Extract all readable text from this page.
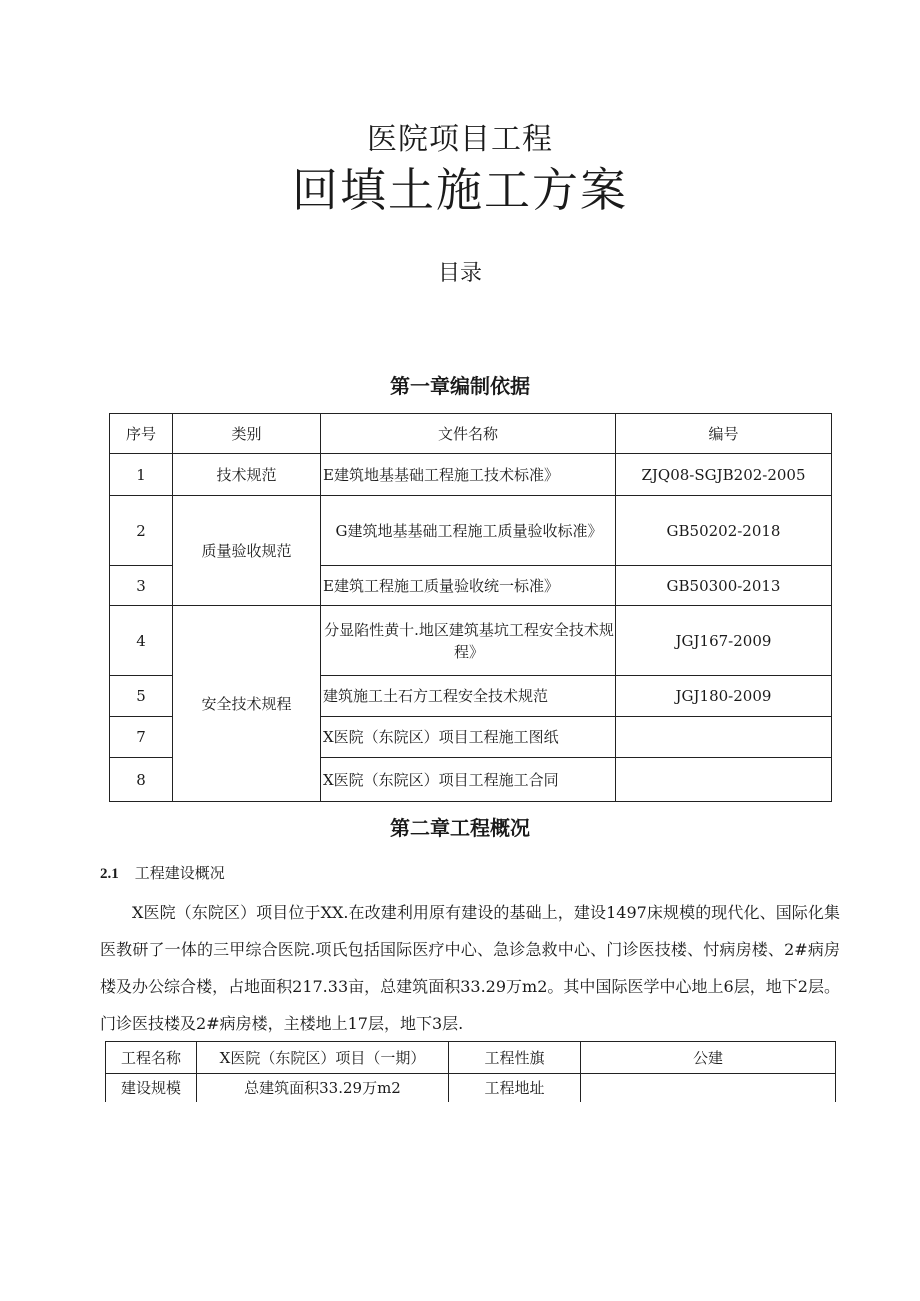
医院项目工程
回填土施工方案
目录
第一章编制依据
序号	类别	文件名称	编号
1	技术规范	E建筑地基基础工程施工技术标准》	ZJQ08-SGJB202-2005
2	质量验收规范	G建筑地基基础工程施工质量验收标准》	GB50202-2018
3		E建筑工程施工质量验收统一标准》	GB50300-2013
4	安全技术规程	分显陷性黄十.地区建筑基坑工程安全技术规程》	JGJ167-2009
5		建筑施工土石方工程安全技术规范	JGJ180-2009
7		X医院（东院区）项目工程施工图纸	
8		X医院（东院区）项目工程施工合同	
第二章工程概况
2.1 工程建设概况
X医院（东院区）项目位于XX.在改建利用原有建设的基础上，建设1497床规模的现代化、国际化集医教研了一体的三甲综合医院.项氏包括国际医疗中心、急诊急救中心、门诊医技楼、忖病房楼、2#病房楼及办公综合楼，占地面积217.33亩，总建筑面积33.29万m2。其中国际医学中心地上6层，地下2层。门诊医技楼及2#病房楼，主楼地上17层，地下3层.
工程名称	X医院（东院区）项目（一期）	工程性旗	公建
建设规模	总建筑面积33.29万m2	工程地址	
